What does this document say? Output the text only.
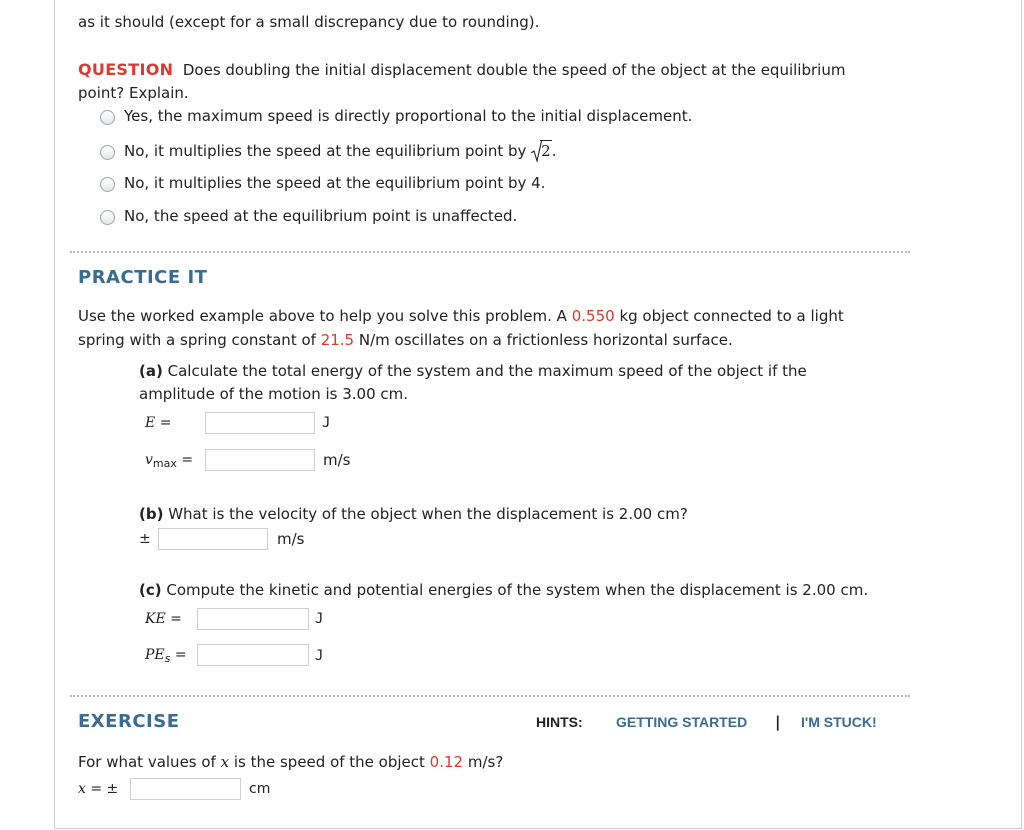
as it should (except for a small discrepancy due to rounding).
QUESTION Does doubling the initial displacement double the speed of the object at the equilibrium
point? Explain.
Yes, the maximum speed is directly proportional to the initial displacement.
No, it multiplies the speed at the equilibrium point by 2.
No, it multiplies the speed at the equilibrium point by 4.
No, the speed at the equilibrium point is unaffected.
PRACTICE IT
Use the worked example above to help you solve this problem. A 0.550 kg object connected to a light
spring with a spring constant of 21.5 N/m oscillates on a frictionless horizontal surface.
(a) Calculate the total energy of the system and the maximum speed of the object if the
amplitude of the motion is 3.00 cm.
E =	J
$v_{max}$ =	m/s
(b) What is the velocity of the object when the displacement is 2.00 cm?
±	m/s
(c) Compute the kinetic and potential energies of the system when the displacement is 2.00 cm.
KE =	J
$PE_s$ =	J
EXERCISE	HINTS: GETTING STARTED | I'M STUCK!
For what values of x is the speed of the object 0.12 m/s?
x = ±	cm
